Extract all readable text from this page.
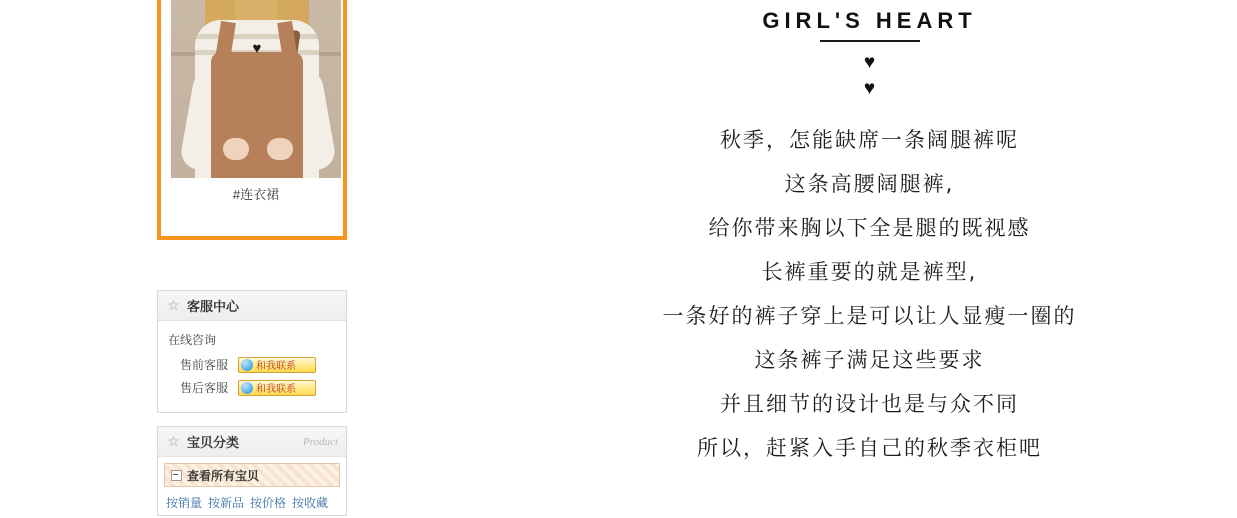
♥
#连衣裙
☆ 客服中心
在线咨询
售前客服	和我联系
售后客服	和我联系
☆ 宝贝分类	Product
查看所有宝贝
按销量 按新品 按价格 按收藏
GIRL'S HEART
♥
♥
秋季，怎能缺席一条阔腿裤呢
这条高腰阔腿裤,
给你带来胸以下全是腿的既视感
长裤重要的就是裤型,
一条好的裤子穿上是可以让人显瘦一圈的
这条裤子满足这些要求
并且细节的设计也是与众不同
所以，赶紧入手自己的秋季衣柜吧
